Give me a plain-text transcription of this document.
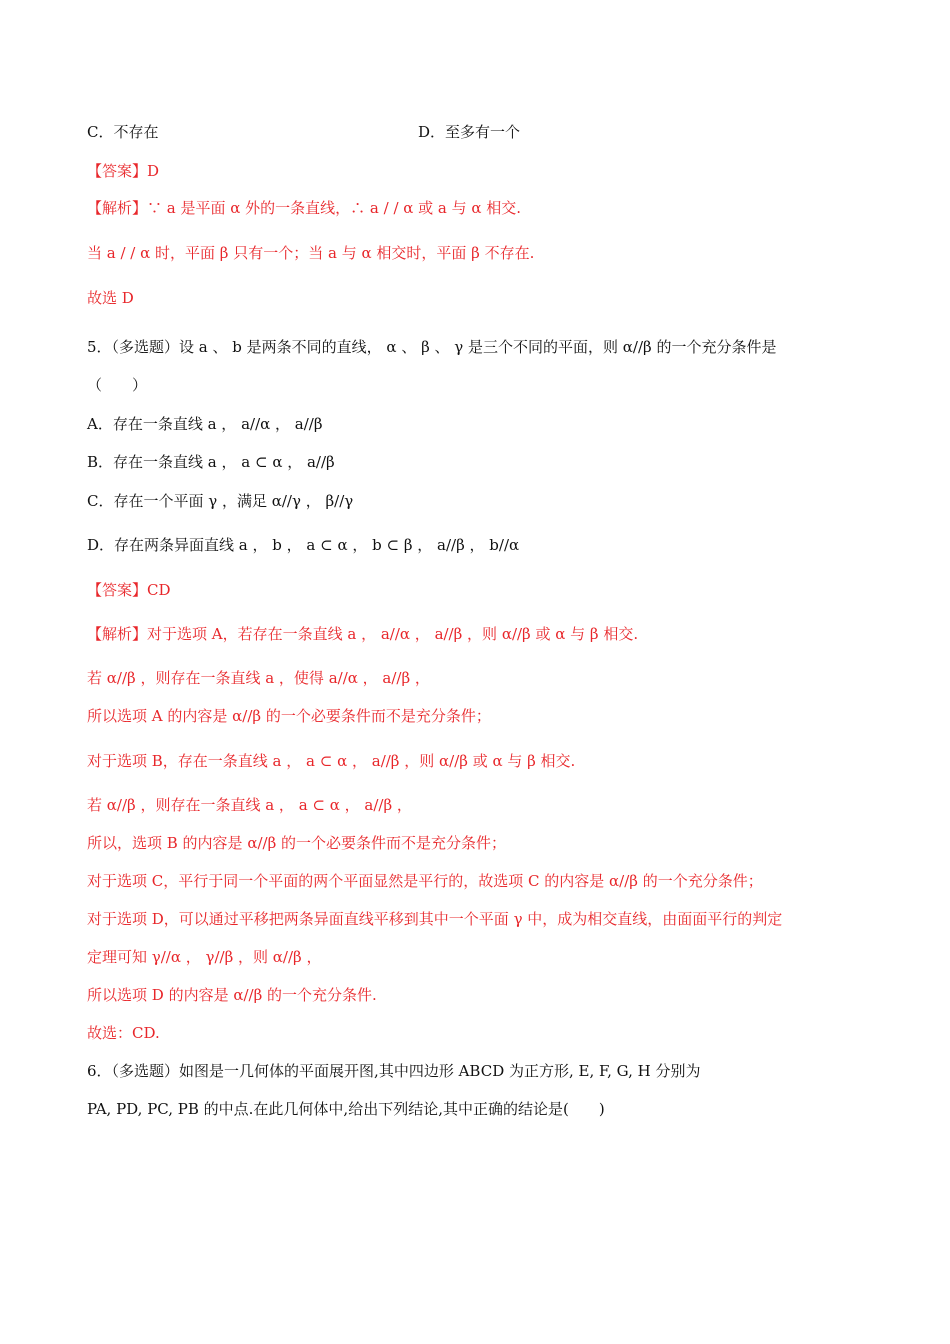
C．不存在	D．至多有一个
【答案】D
【解析】∵ a 是平面 α 外的一条直线，∴ a / / α 或 a 与 α 相交.
当 a / / α 时，平面 β 只有一个；当 a 与 α 相交时，平面 β 不存在.
故选 D
5．（多选题）设 a 、 b 是两条不同的直线， α 、 β 、 γ 是三个不同的平面，则 α//β 的一个充分条件是
（　　）
A．存在一条直线 a ， a//α ， a//β
B．存在一条直线 a ， a ⊂ α ， a//β
C．存在一个平面 γ ，满足 α//γ ， β//γ
D．存在两条异面直线 a ， b ， a ⊂ α ， b ⊂ β ， a//β ， b//α
【答案】CD
【解析】对于选项 A，若存在一条直线 a ， a//α ， a//β ，则 α//β 或 α 与 β 相交.
若 α//β ，则存在一条直线 a ，使得 a//α ， a//β ，
所以选项 A 的内容是 α//β 的一个必要条件而不是充分条件；
对于选项 B，存在一条直线 a ， a ⊂ α ， a//β ，则 α//β 或 α 与 β 相交.
若 α//β ，则存在一条直线 a ， a ⊂ α ， a//β ，
所以，选项 B 的内容是 α//β 的一个必要条件而不是充分条件；
对于选项 C，平行于同一个平面的两个平面显然是平行的，故选项 C 的内容是 α//β 的一个充分条件；
对于选项 D，可以通过平移把两条异面直线平移到其中一个平面 γ 中，成为相交直线，由面面平行的判定
定理可知 γ//α ， γ//β ，则 α//β ，
所以选项 D 的内容是 α//β 的一个充分条件.
故选：CD.
6．（多选题）如图是一几何体的平面展开图,其中四边形 ABCD 为正方形, E, F, G, H 分别为
PA, PD, PC, PB 的中点.在此几何体中,给出下列结论,其中正确的结论是(　　)
